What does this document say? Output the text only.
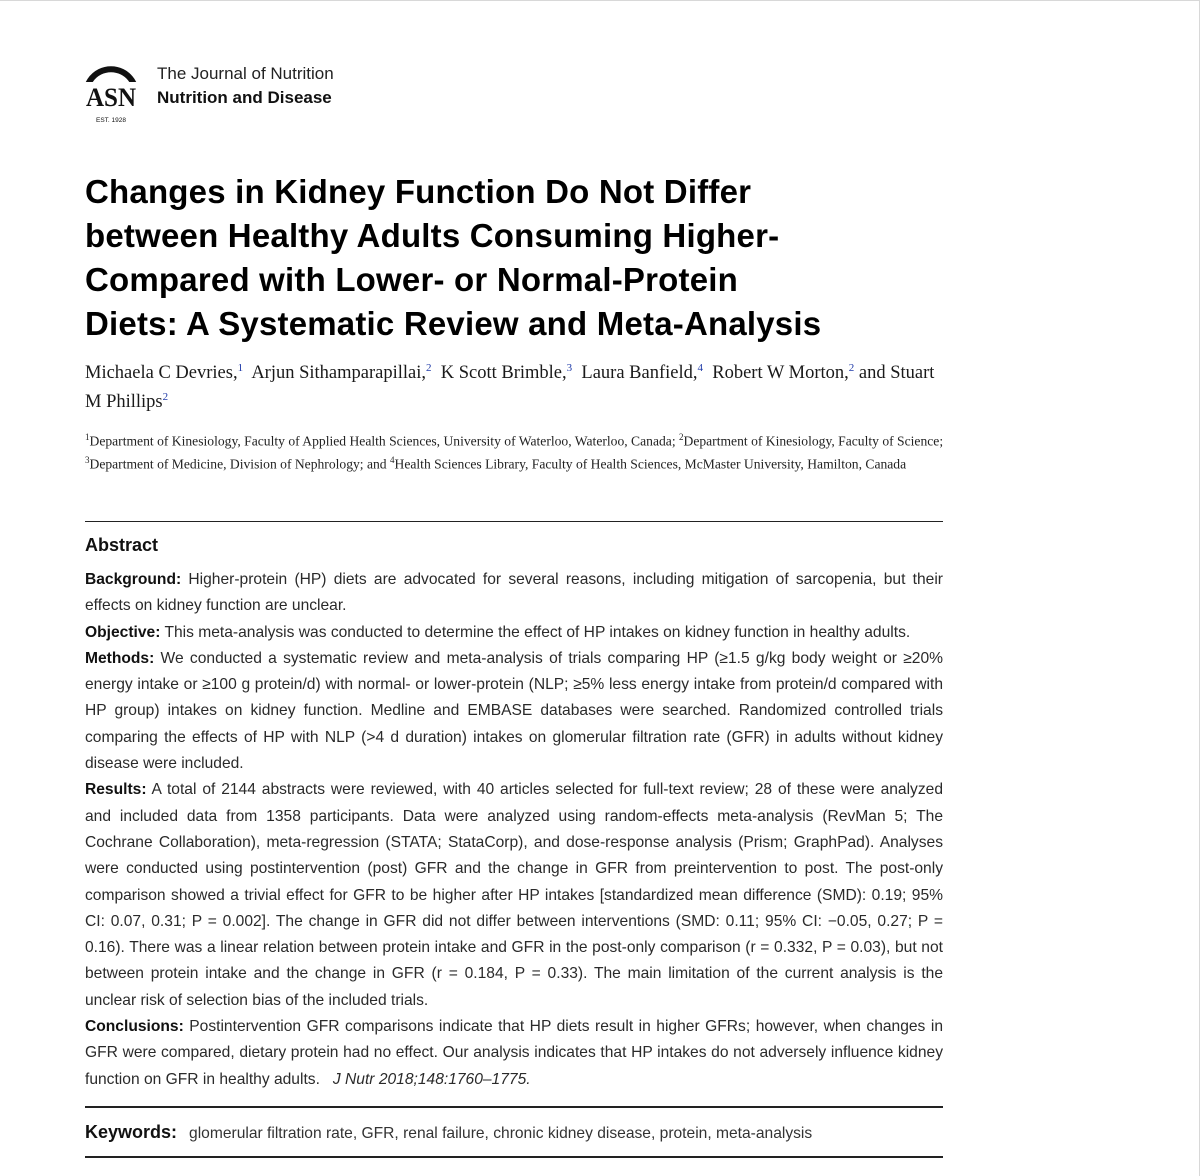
ASN
EST. 1928
The Journal of Nutrition
Nutrition and Disease
Changes in Kidney Function Do Not Differ
between Healthy Adults Consuming Higher-
Compared with Lower- or Normal-Protein
Diets: A Systematic Review and Meta-Analysis
Michaela C Devries,$^1$ Arjun Sithamparapillai,$^2$ K Scott Brimble,$^3$ Laura Banfield,$^4$ Robert W Morton,$^2$ and Stuart M Phillips$^2$
$^1$Department of Kinesiology, Faculty of Applied Health Sciences, University of Waterloo, Waterloo, Canada; $^2$Department of Kinesiology, Faculty of Science; $^3$Department of Medicine, Division of Nephrology; and $^4$Health Sciences Library, Faculty of Health Sciences, McMaster University, Hamilton, Canada
Abstract

Background: Higher-protein (HP) diets are advocated for several reasons, including mitigation of sarcopenia, but their effects on kidney function are unclear.

Objective: This meta-analysis was conducted to determine the effect of HP intakes on kidney function in healthy adults.

Methods: We conducted a systematic review and meta-analysis of trials comparing HP (≥1.5 g/kg body weight or ≥20% energy intake or ≥100 g protein/d) with normal- or lower-protein (NLP; ≥5% less energy intake from protein/d compared with HP group) intakes on kidney function. Medline and EMBASE databases were searched. Randomized controlled trials comparing the effects of HP with NLP (>4 d duration) intakes on glomerular filtration rate (GFR) in adults without kidney disease were included.

Results: A total of 2144 abstracts were reviewed, with 40 articles selected for full-text review; 28 of these were analyzed and included data from 1358 participants. Data were analyzed using random-effects meta-analysis (RevMan 5; The Cochrane Collaboration), meta-regression (STATA; StataCorp), and dose-response analysis (Prism; GraphPad). Analyses were conducted using postintervention (post) GFR and the change in GFR from preintervention to post. The post-only comparison showed a trivial effect for GFR to be higher after HP intakes [standardized mean difference (SMD): 0.19; 95% CI: 0.07, 0.31; P = 0.002]. The change in GFR did not differ between interventions (SMD: 0.11; 95% CI: −0.05, 0.27; P = 0.16). There was a linear relation between protein intake and GFR in the post-only comparison (r = 0.332, P = 0.03), but not between protein intake and the change in GFR (r = 0.184, P = 0.33). The main limitation of the current analysis is the unclear risk of selection bias of the included trials.

Conclusions: Postintervention GFR comparisons indicate that HP diets result in higher GFRs; however, when changes in GFR were compared, dietary protein had no effect. Our analysis indicates that HP intakes do not adversely influence kidney function on GFR in healthy adults. J Nutr 2018;148:1760–1775.

Keywords: glomerular filtration rate, GFR, renal failure, chronic kidney disease, protein, meta-analysis
